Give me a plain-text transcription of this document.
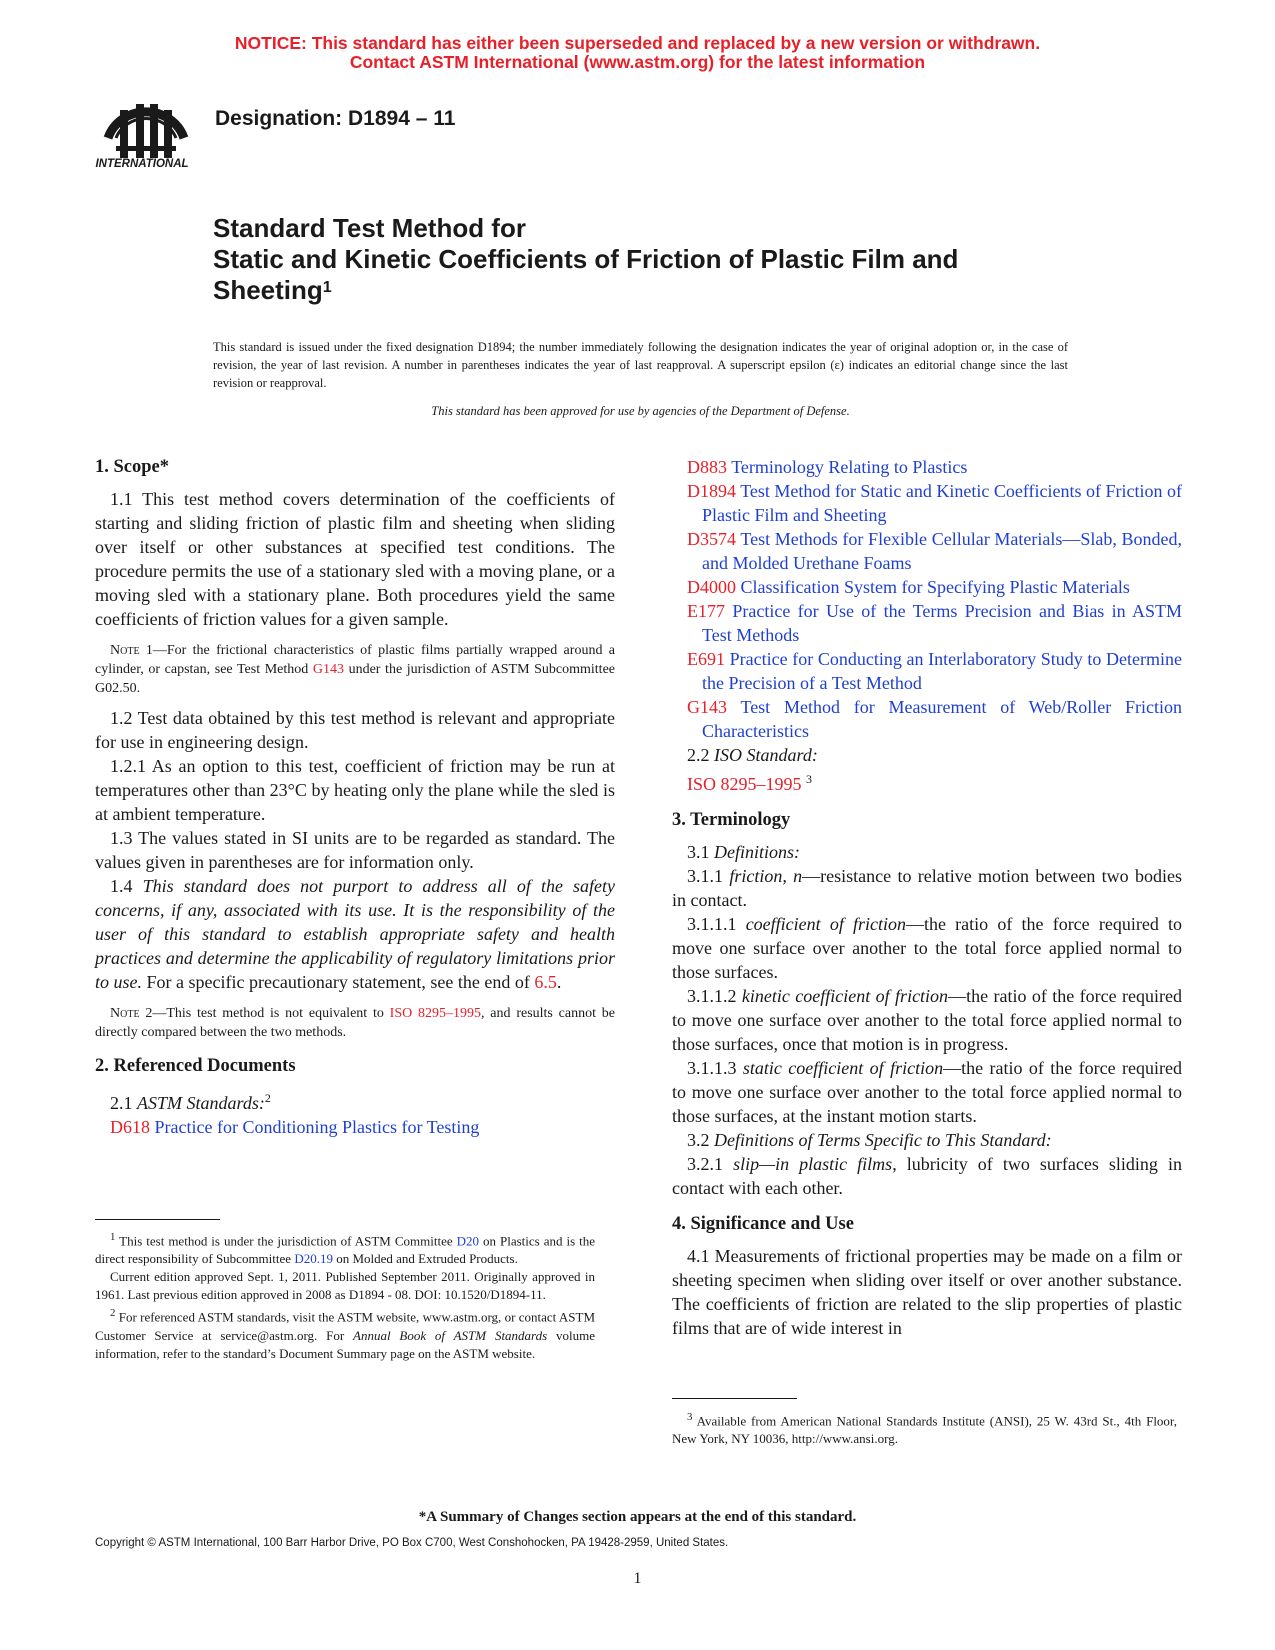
NOTICE: This standard has either been superseded and replaced by a new version or withdrawn.
Contact ASTM International (www.astm.org) for the latest information
INTERNATIONAL
Designation: D1894 – 11
Standard Test Method for
Static and Kinetic Coefficients of Friction of Plastic Film and
Sheeting$^1$
This standard is issued under the fixed designation D1894; the number immediately following the designation indicates the year of original adoption or, in the case of revision, the year of last revision. A number in parentheses indicates the year of last reapproval. A superscript epsilon (ε) indicates an editorial change since the last revision or reapproval.
This standard has been approved for use by agencies of the Department of Defense.

1. Scope*

1.1 This test method covers determination of the coefficients of starting and sliding friction of plastic film and sheeting when sliding over itself or other substances at specified test conditions. The procedure permits the use of a stationary sled with a moving plane, or a moving sled with a stationary plane. Both procedures yield the same coefficients of friction values for a given sample.

Note 1—For the frictional characteristics of plastic films partially wrapped around a cylinder, or capstan, see Test Method G143 under the jurisdiction of ASTM Subcommittee G02.50.

1.2 Test data obtained by this test method is relevant and appropriate for use in engineering design.

1.2.1 As an option to this test, coefficient of friction may be run at temperatures other than 23°C by heating only the plane while the sled is at ambient temperature.

1.3 The values stated in SI units are to be regarded as standard. The values given in parentheses are for information only.

1.4 This standard does not purport to address all of the safety concerns, if any, associated with its use. It is the responsibility of the user of this standard to establish appropriate safety and health practices and determine the applicability of regulatory limitations prior to use. For a specific precautionary statement, see the end of 6.5.

Note 2—This test method is not equivalent to ISO 8295–1995, and results cannot be directly compared between the two methods.

2. Referenced Documents

2.1 ASTM Standards:$^2$

D618 Practice for Conditioning Plastics for Testing

$^1$ This test method is under the jurisdiction of ASTM Committee D20 on Plastics and is the direct responsibility of Subcommittee D20.19 on Molded and Extruded Products.

Current edition approved Sept. 1, 2011. Published September 2011. Originally approved in 1961. Last previous edition approved in 2008 as D1894 - 08. DOI: 10.1520/D1894-11.

$^2$ For referenced ASTM standards, visit the ASTM website, www.astm.org, or contact ASTM Customer Service at service@astm.org. For Annual Book of ASTM Standards volume information, refer to the standard’s Document Summary page on the ASTM website.

D883 Terminology Relating to Plastics

D1894 Test Method for Static and Kinetic Coefficients of Friction of Plastic Film and Sheeting

D3574 Test Methods for Flexible Cellular Materials—Slab, Bonded, and Molded Urethane Foams

D4000 Classification System for Specifying Plastic Materials

E177 Practice for Use of the Terms Precision and Bias in ASTM Test Methods

E691 Practice for Conducting an Interlaboratory Study to Determine the Precision of a Test Method

G143 Test Method for Measurement of Web/Roller Friction Characteristics

2.2 ISO Standard:

ISO 8295–1995 $^3$

3. Terminology

3.1 Definitions:

3.1.1 friction, n—resistance to relative motion between two bodies in contact.

3.1.1.1 coefficient of friction—the ratio of the force required to move one surface over another to the total force applied normal to those surfaces.

3.1.1.2 kinetic coefficient of friction—the ratio of the force required to move one surface over another to the total force applied normal to those surfaces, once that motion is in progress.

3.1.1.3 static coefficient of friction—the ratio of the force required to move one surface over another to the total force applied normal to those surfaces, at the instant motion starts.

3.2 Definitions of Terms Specific to This Standard:

3.2.1 slip—in plastic films, lubricity of two surfaces sliding in contact with each other.

4. Significance and Use

4.1 Measurements of frictional properties may be made on a film or sheeting specimen when sliding over itself or over another substance. The coefficients of friction are related to the slip properties of plastic films that are of wide interest in

$^3$ Available from American National Standards Institute (ANSI), 25 W. 43rd St., 4th Floor, New York, NY 10036, http://www.ansi.org.

*A Summary of Changes section appears at the end of this standard.
Copyright © ASTM International, 100 Barr Harbor Drive, PO Box C700, West Conshohocken, PA 19428-2959, United States.
1
